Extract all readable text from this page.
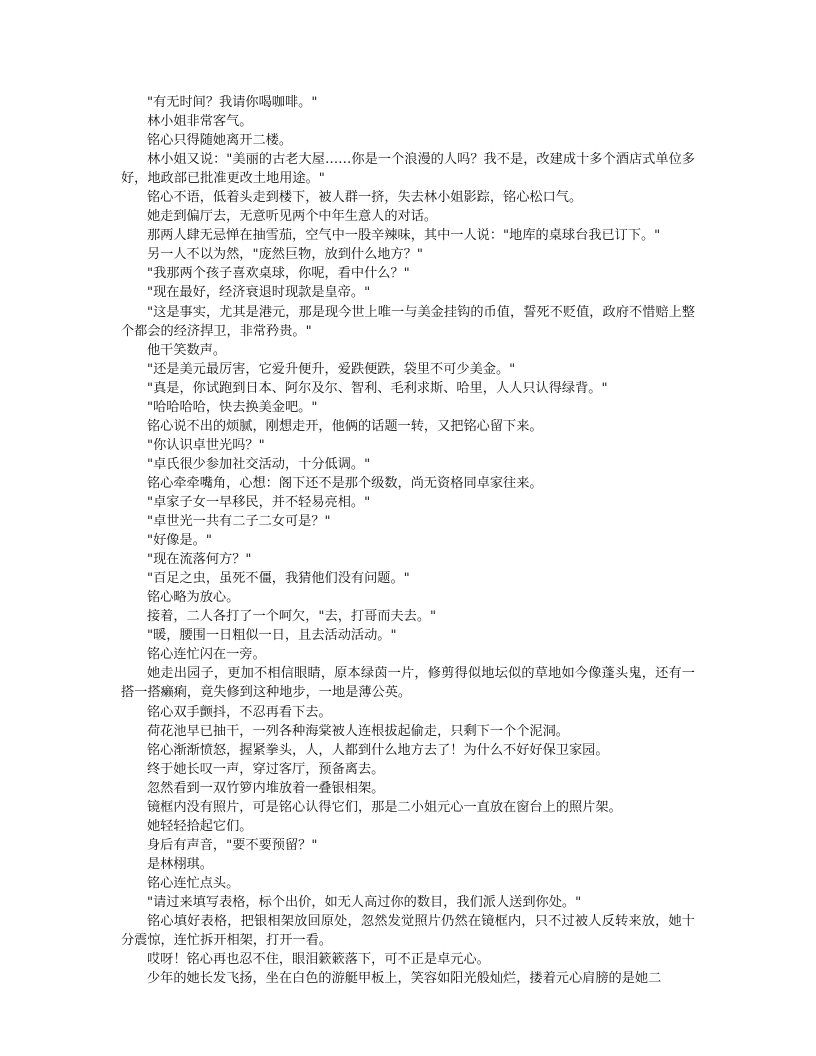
"有无时间？我请你喝咖啡。"

林小姐非常客气。

铭心只得随她离开二楼。

林小姐又说："美丽的古老大屋……你是一个浪漫的人吗？我不是，改建成十多个酒店式单位多好，地政部已批准更改土地用途。"

铭心不语，低着头走到楼下，被人群一挤，失去林小姐影踪，铭心松口气。

她走到偏厅去，无意听见两个中年生意人的对话。

那两人肆无忌惮在抽雪茄，空气中一股辛辣味，其中一人说："地库的桌球台我已订下。"

另一人不以为然，"庞然巨物，放到什么地方？"

"我那两个孩子喜欢桌球，你呢，看中什么？"

"现在最好，经济衰退时现款是皇帝。"

"这是事实，尤其是港元，那是现今世上唯一与美金挂钩的币值，誓死不贬值，政府不惜赔上整个都会的经济捍卫，非常矜贵。"

他干笑数声。

"还是美元最厉害，它爱升便升，爱跌便跌，袋里不可少美金。"

"真是，你试跑到日本、阿尔及尔、智利、毛利求斯、哈里，人人只认得绿背。"

"哈哈哈哈，快去换美金吧。"

铭心说不出的烦腻，刚想走开，他俩的话题一转，又把铭心留下来。

"你认识卓世光吗？"

"卓氏很少参加社交活动，十分低调。"

铭心牵牵嘴角，心想：阁下还不是那个级数，尚无资格同卓家往来。

"卓家子女一早移民，并不轻易亮相。"

"卓世光一共有二子二女可是？"

"好像是。"

"现在流落何方？"

"百足之虫，虽死不僵，我猜他们没有问题。"

铭心略为放心。

接着，二人各打了一个呵欠，"去，打哥而夫去。"

"暖，腰围一日粗似一日，且去活动活动。"

铭心连忙闪在一旁。

她走出园子，更加不相信眼睛，原本绿茵一片，修剪得似地坛似的草地如今像蓬头鬼，还有一搭一搭癞痢，竟失修到这种地步，一地是薄公英。

铭心双手颤抖，不忍再看下去。

荷花池早已抽干，一列各种海棠被人连根拔起偷走，只剩下一个个泥洞。

铭心渐渐愤怒，握紧拳头，人，人都到什么地方去了！为什么不好好保卫家园。

终于她长叹一声，穿过客厅，预备离去。

忽然看到一双竹箩内堆放着一叠银相架。

镜框内没有照片，可是铭心认得它们，那是二小姐元心一直放在窗台上的照片架。

她轻轻拾起它们。

身后有声音，"要不要预留？"

是林栩琪。

铭心连忙点头。

"请过来填写表格，标个出价，如无人高过你的数目，我们派人送到你处。"

铭心填好表格，把银相架放回原处，忽然发觉照片仍然在镜框内，只不过被人反转来放，她十分震惊，连忙拆开相架，打开一看。

哎呀！铭心再也忍不住，眼泪簌簌落下，可不正是卓元心。

少年的她长发飞扬，坐在白色的游艇甲板上，笑容如阳光般灿烂，搂着元心肩膀的是她二
